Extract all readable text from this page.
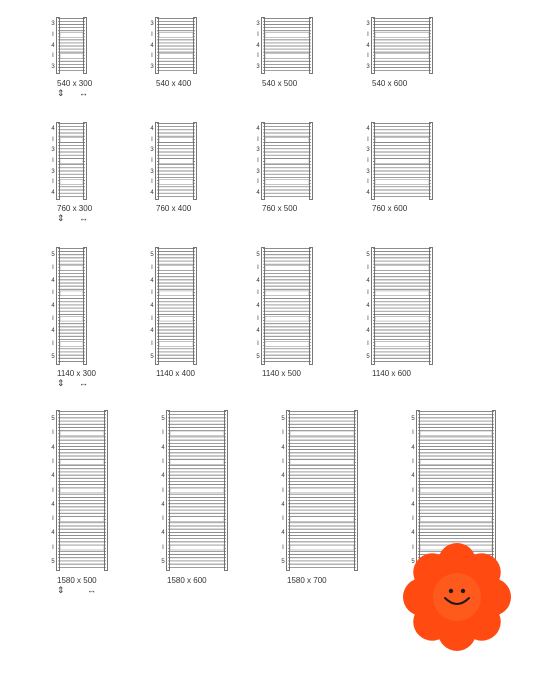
3
I
4
I
3
540 x 300
⇕ ↔
3
I
4
I
3
540 x 400
3
I
4
I
3
540 x 500
3
I
4
I
3
540 x 600
4
I
3
I
3
I
4
760 x 300
⇕ ↔
4
I
3
I
3
I
4
760 x 400
4
I
3
I
3
I
4
760 x 500
4
I
3
I
3
I
4
760 x 600
5
I
4
I
4
I
4
I
5
1140 x 300
⇕ ↔
5
I
4
I
4
I
4
I
5
1140 x 400
5
I
4
I
4
I
4
I
5
1140 x 500
5
I
4
I
4
I
4
I
5
1140 x 600
5
I
4
I
4
I
4
I
4
I
5
1580 x 500
⇕ ↔
5
I
4
I
4
I
4
I
4
I
5
1580 x 600
5
I
4
I
4
I
4
I
4
I
5
1580 x 700
5
I
4
I
4
I
4
I
4
I
5
